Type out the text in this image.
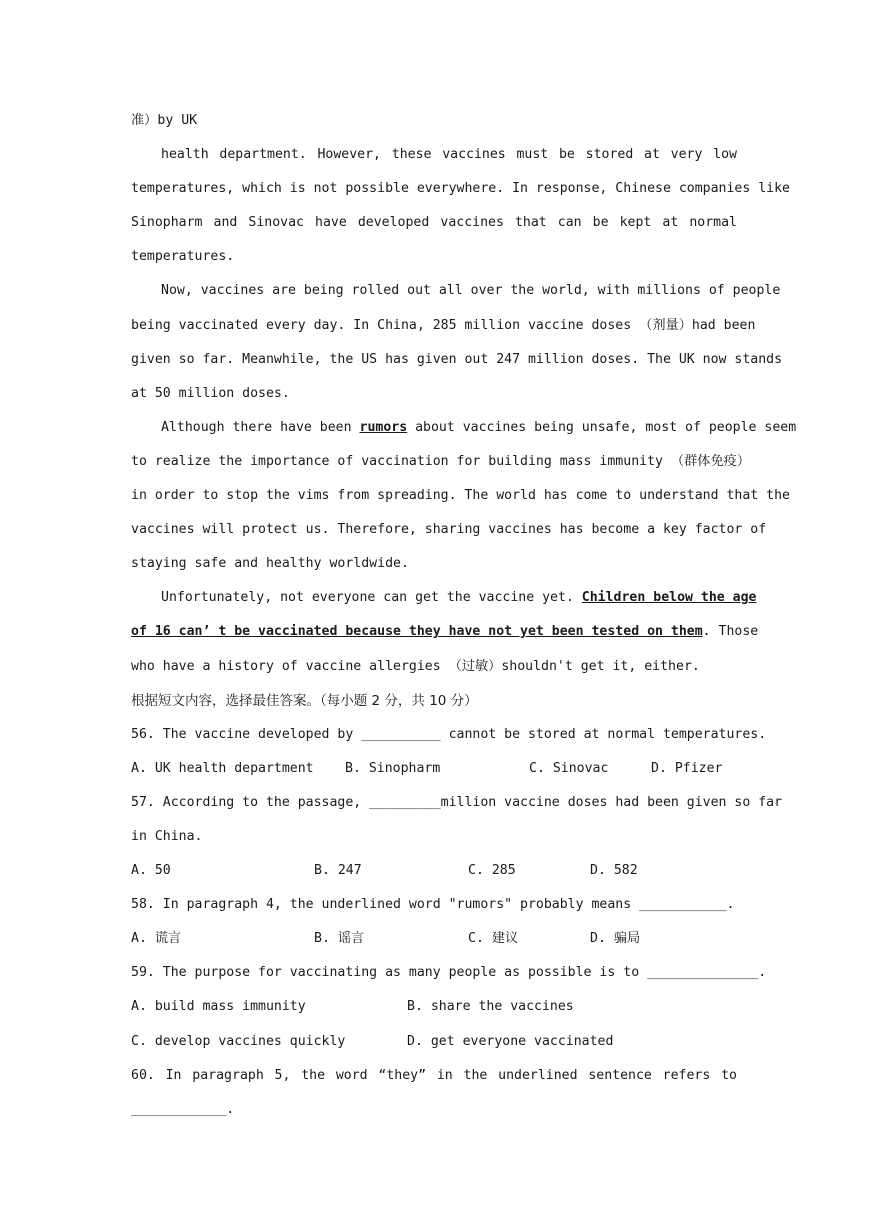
准）by UK
health department. However, these vaccines must be stored at very low
temperatures, which is not possible everywhere. In response, Chinese companies like
Sinopharm and Sinovac have developed vaccines that can be kept at normal
temperatures.
Now, vaccines are being rolled out all over the world, with millions of people
being vaccinated every day. In China, 285 million vaccine doses （剂量）had been
given so far. Meanwhile, the US has given out 247 million doses. The UK now stands
at 50 million doses.
Although there have been rumors about vaccines being unsafe, most of people seem
to realize the importance of vaccination for building mass immunity （群体免疫）
in order to stop the vims from spreading. The world has come to understand that the
vaccines will protect us. Therefore, sharing vaccines has become a key factor of
staying safe and healthy worldwide.
Unfortunately, not everyone can get the vaccine yet. Children below the age
of 16 can’ t be vaccinated because they have not yet been tested on them. Those
who have a history of vaccine allergies （过敏）shouldn't get it, either.
根据短文内容，选择最佳答案。（每小题 2 分，共 10 分）
56. The vaccine developed by __________ cannot be stored at normal temperatures.
A. UK health department B. Sinopharm	C. Sinovac	D. Pfizer
57. According to the passage, _________million vaccine doses had been given so far
in China.
A. 50	B. 247	C. 285	D. 582
58. In paragraph 4, the underlined word "rumors" probably means ___________.
A. 谎言	B. 谣言	C. 建议	D. 骗局
59. The purpose for vaccinating as many people as possible is to ______________.
A. build mass immunity	B. share the vaccines
C. develop vaccines quickly	D. get everyone vaccinated
60. In paragraph 5, the word “they” in the underlined sentence refers to
____________.
